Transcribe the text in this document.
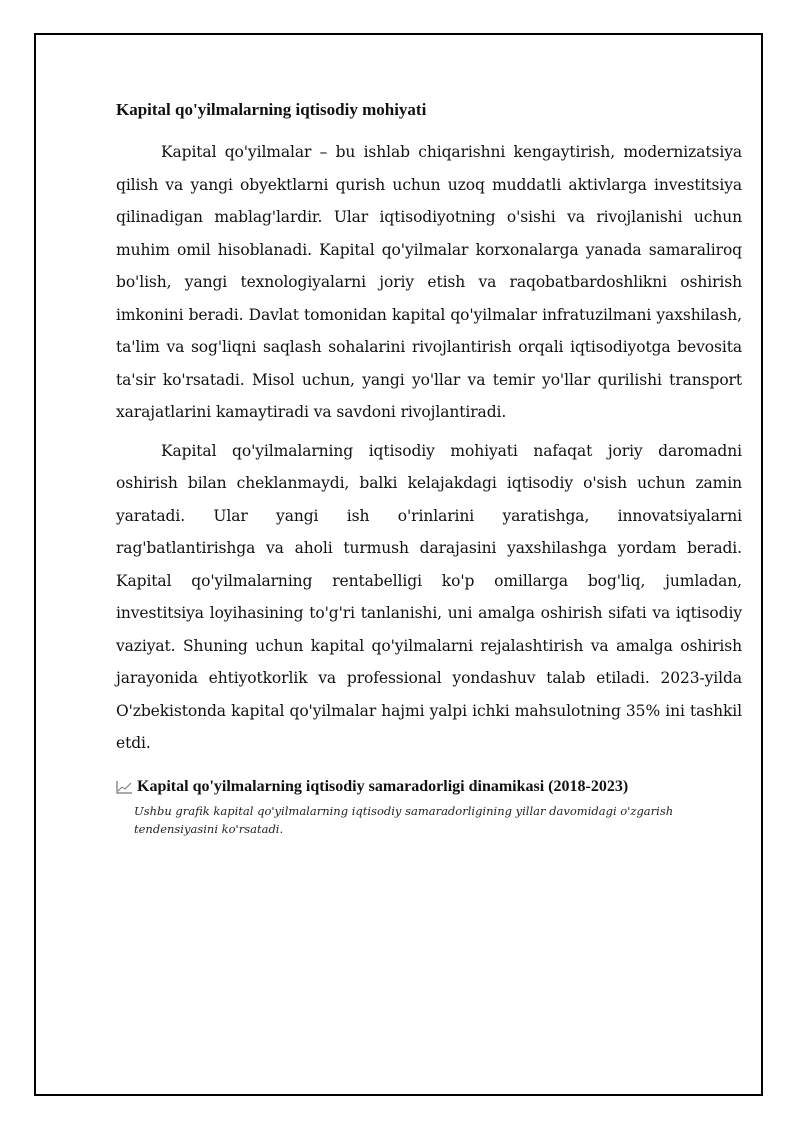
Kapital qo'yilmalarning iqtisodiy mohiyati

Kapital qo'yilmalar – bu ishlab chiqarishni kengaytirish, modernizatsiya qilish va yangi obyektlarni qurish uchun uzoq muddatli aktivlarga investitsiya qilinadigan mablag'lardir. Ular iqtisodiyotning o'sishi va rivojlanishi uchun muhim omil hisoblanadi. Kapital qo'yilmalar korxonalarga yanada samaraliroq bo'lish, yangi texnologiyalarni joriy etish va raqobatbardoshlikni oshirish imkonini beradi. Davlat tomonidan kapital qo'yilmalar infratuzilmani yaxshilash, ta'lim va sog'liqni saqlash sohalarini rivojlantirish orqali iqtisodiyotga bevosita ta'sir ko'rsatadi. Misol uchun, yangi yo'llar va temir yo'llar qurilishi transport xarajatlarini kamaytiradi va savdoni rivojlantiradi.

Kapital qo'yilmalarning iqtisodiy mohiyati nafaqat joriy daromadni oshirish bilan cheklanmaydi, balki kelajakdagi iqtisodiy o'sish uchun zamin yaratadi. Ular yangi ish o'rinlarini yaratishga, innovatsiyalarni rag'batlantirishga va aholi turmush darajasini yaxshilashga yordam beradi. Kapital qo'yilmalarning rentabelligi ko'p omillarga bog'liq, jumladan, investitsiya loyihasining to'g'ri tanlanishi, uni amalga oshirish sifati va iqtisodiy vaziyat. Shuning uchun kapital qo'yilmalarni rejalashtirish va amalga oshirish jarayonida ehtiyotkorlik va professional yondashuv talab etiladi. 2023-yilda O'zbekistonda kapital qo'yilmalar hajmi yalpi ichki mahsulotning 35% ini tashkil etdi.

Kapital qo'yilmalarning iqtisodiy samaradorligi dinamikasi (2018-2023)
Ushbu grafik kapital qo'yilmalarning iqtisodiy samaradorligining yillar davomidagi o'zgarish tendensiyasini ko'rsatadi.
